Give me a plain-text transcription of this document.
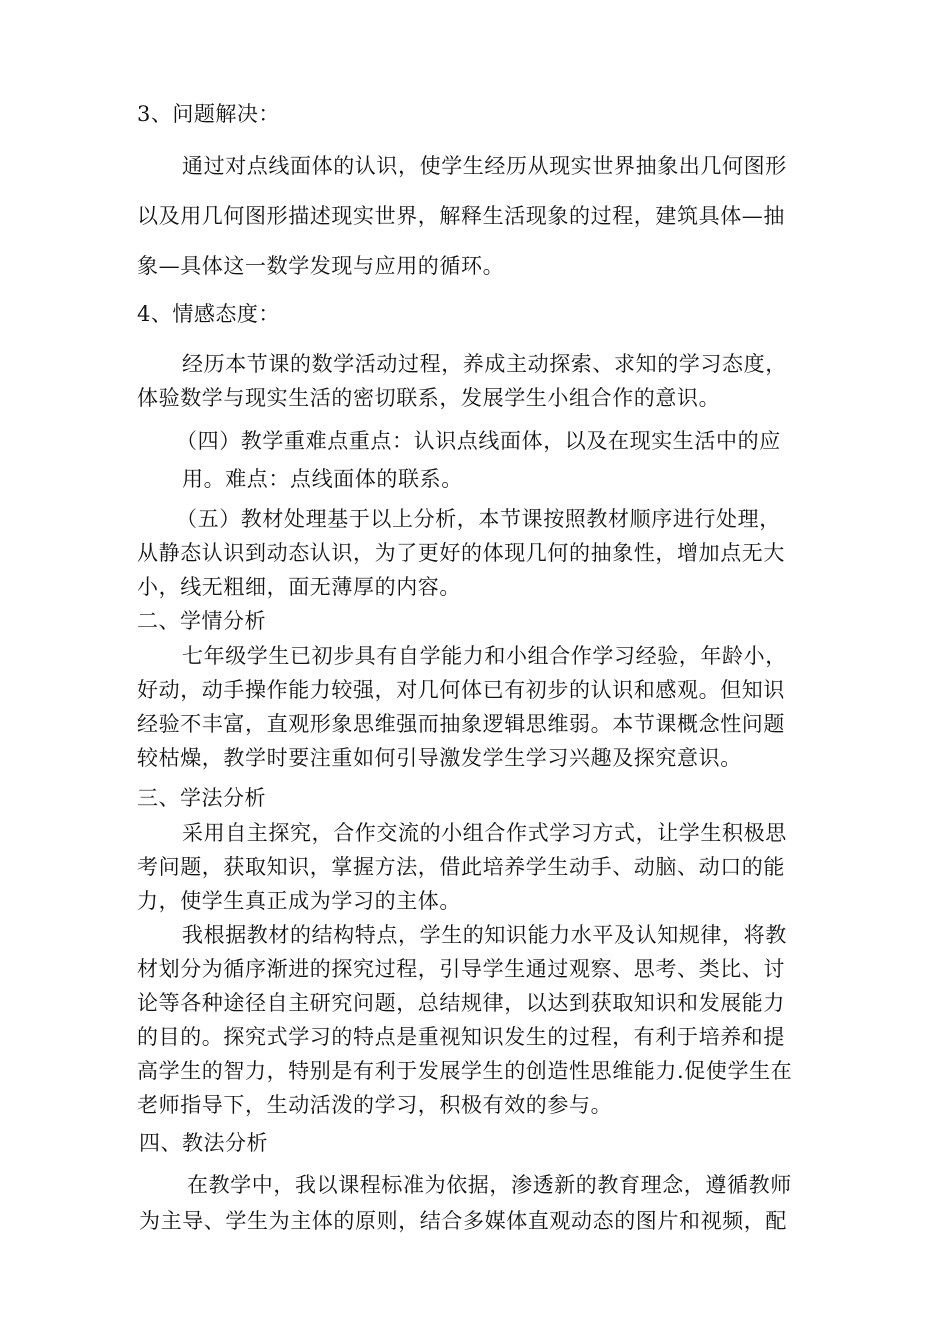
3、问题解决：

通过对点线面体的认识，使学生经历从现实世界抽象出几何图形

以及用几何图形描述现实世界，解释生活现象的过程，建筑具体—抽

象—具体这一数学发现与应用的循环。

4、情感态度：

经历本节课的数学活动过程，养成主动探索、求知的学习态度，

体验数学与现实生活的密切联系，发展学生小组合作的意识。

（四）教学重难点重点：认识点线面体，以及在现实生活中的应

用。难点：点线面体的联系。

（五）教材处理基于以上分析，本节课按照教材顺序进行处理，

从静态认识到动态认识，为了更好的体现几何的抽象性，增加点无大

小，线无粗细，面无薄厚的内容。

二、学情分析

七年级学生已初步具有自学能力和小组合作学习经验，年龄小，

好动，动手操作能力较强，对几何体已有初步的认识和感观。但知识

经验不丰富，直观形象思维强而抽象逻辑思维弱。本节课概念性问题

较枯燥，教学时要注重如何引导激发学生学习兴趣及探究意识。

三、学法分析

采用自主探究，合作交流的小组合作式学习方式，让学生积极思

考问题，获取知识，掌握方法，借此培养学生动手、动脑、动口的能

力，使学生真正成为学习的主体。

我根据教材的结构特点，学生的知识能力水平及认知规律，将教

材划分为循序渐进的探究过程，引导学生通过观察、思考、类比、讨

论等各种途径自主研究问题，总结规律，以达到获取知识和发展能力

的目的。探究式学习的特点是重视知识发生的过程，有利于培养和提

高学生的智力，特别是有利于发展学生的创造性思维能力.促使学生在

老师指导下，生动活泼的学习，积极有效的参与。

四、教法分析

在教学中，我以课程标准为依据，渗透新的教育理念，遵循教师

为主导、学生为主体的原则，结合多媒体直观动态的图片和视频，配
